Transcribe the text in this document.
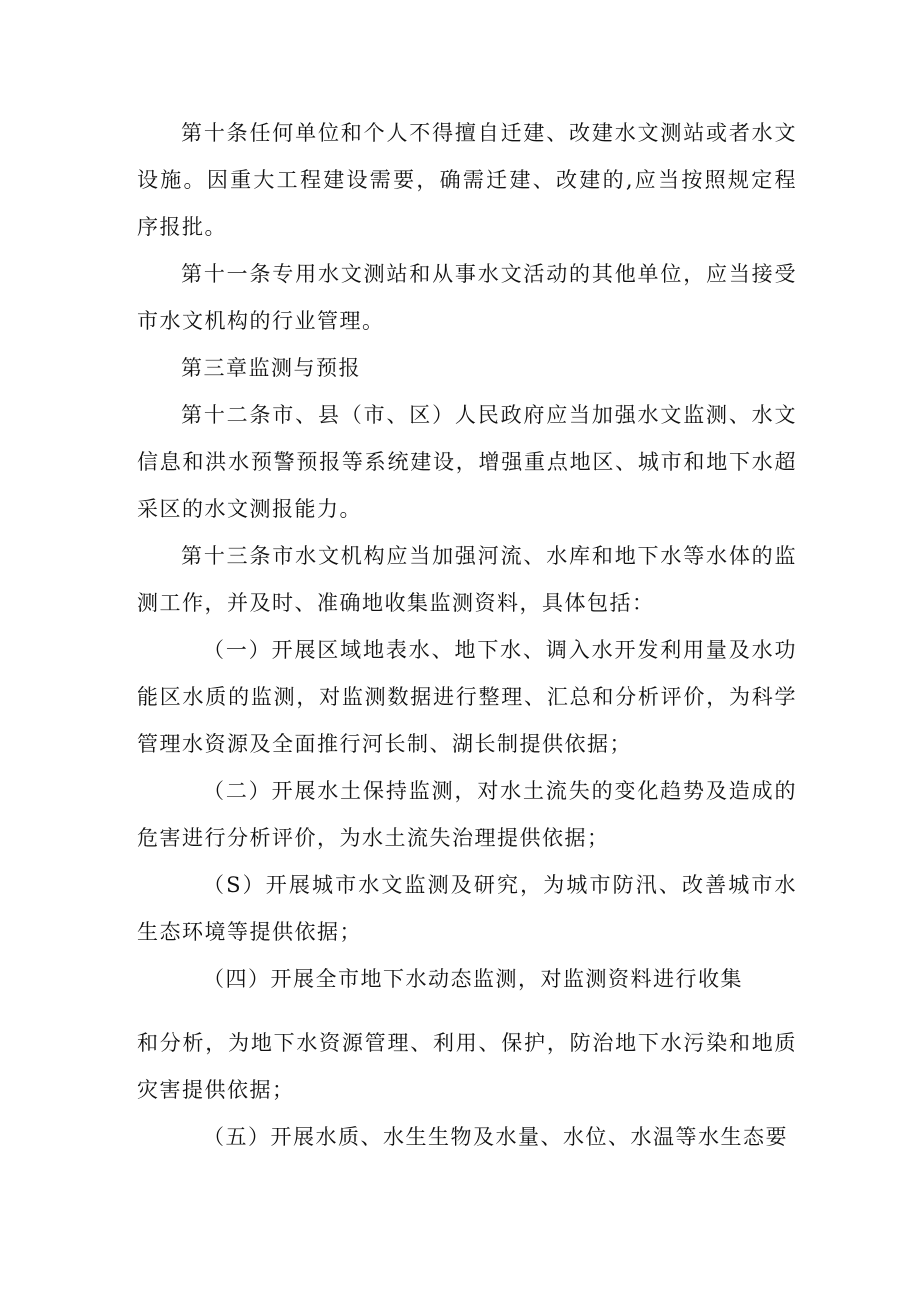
第十条任何单位和个人不得擅自迁建、改建水文测站或者水文设施。因重大工程建设需要，确需迁建、改建的,应当按照规定程序报批。

第十一条专用水文测站和从事水文活动的其他单位，应当接受市水文机构的行业管理。

第三章监测与预报

第十二条市、县（市、区）人民政府应当加强水文监测、水文信息和洪水预警预报等系统建设，增强重点地区、城市和地下水超采区的水文测报能力。

第十三条市水文机构应当加强河流、水库和地下水等水体的监测工作，并及时、准确地收集监测资料，具体包括：

（一）开展区域地表水、地下水、调入水开发利用量及水功能区水质的监测，对监测数据进行整理、汇总和分析评价，为科学管理水资源及全面推行河长制、湖长制提供依据；

（二）开展水土保持监测，对水土流失的变化趋势及造成的危害进行分析评价，为水土流失治理提供依据；

（S）开展城市水文监测及研究，为城市防汛、改善城市水生态环境等提供依据；

（四）开展全市地下水动态监测，对监测资料进行收集

和分析，为地下水资源管理、利用、保护，防治地下水污染和地质灾害提供依据；

（五）开展水质、水生生物及水量、水位、水温等水生态要
